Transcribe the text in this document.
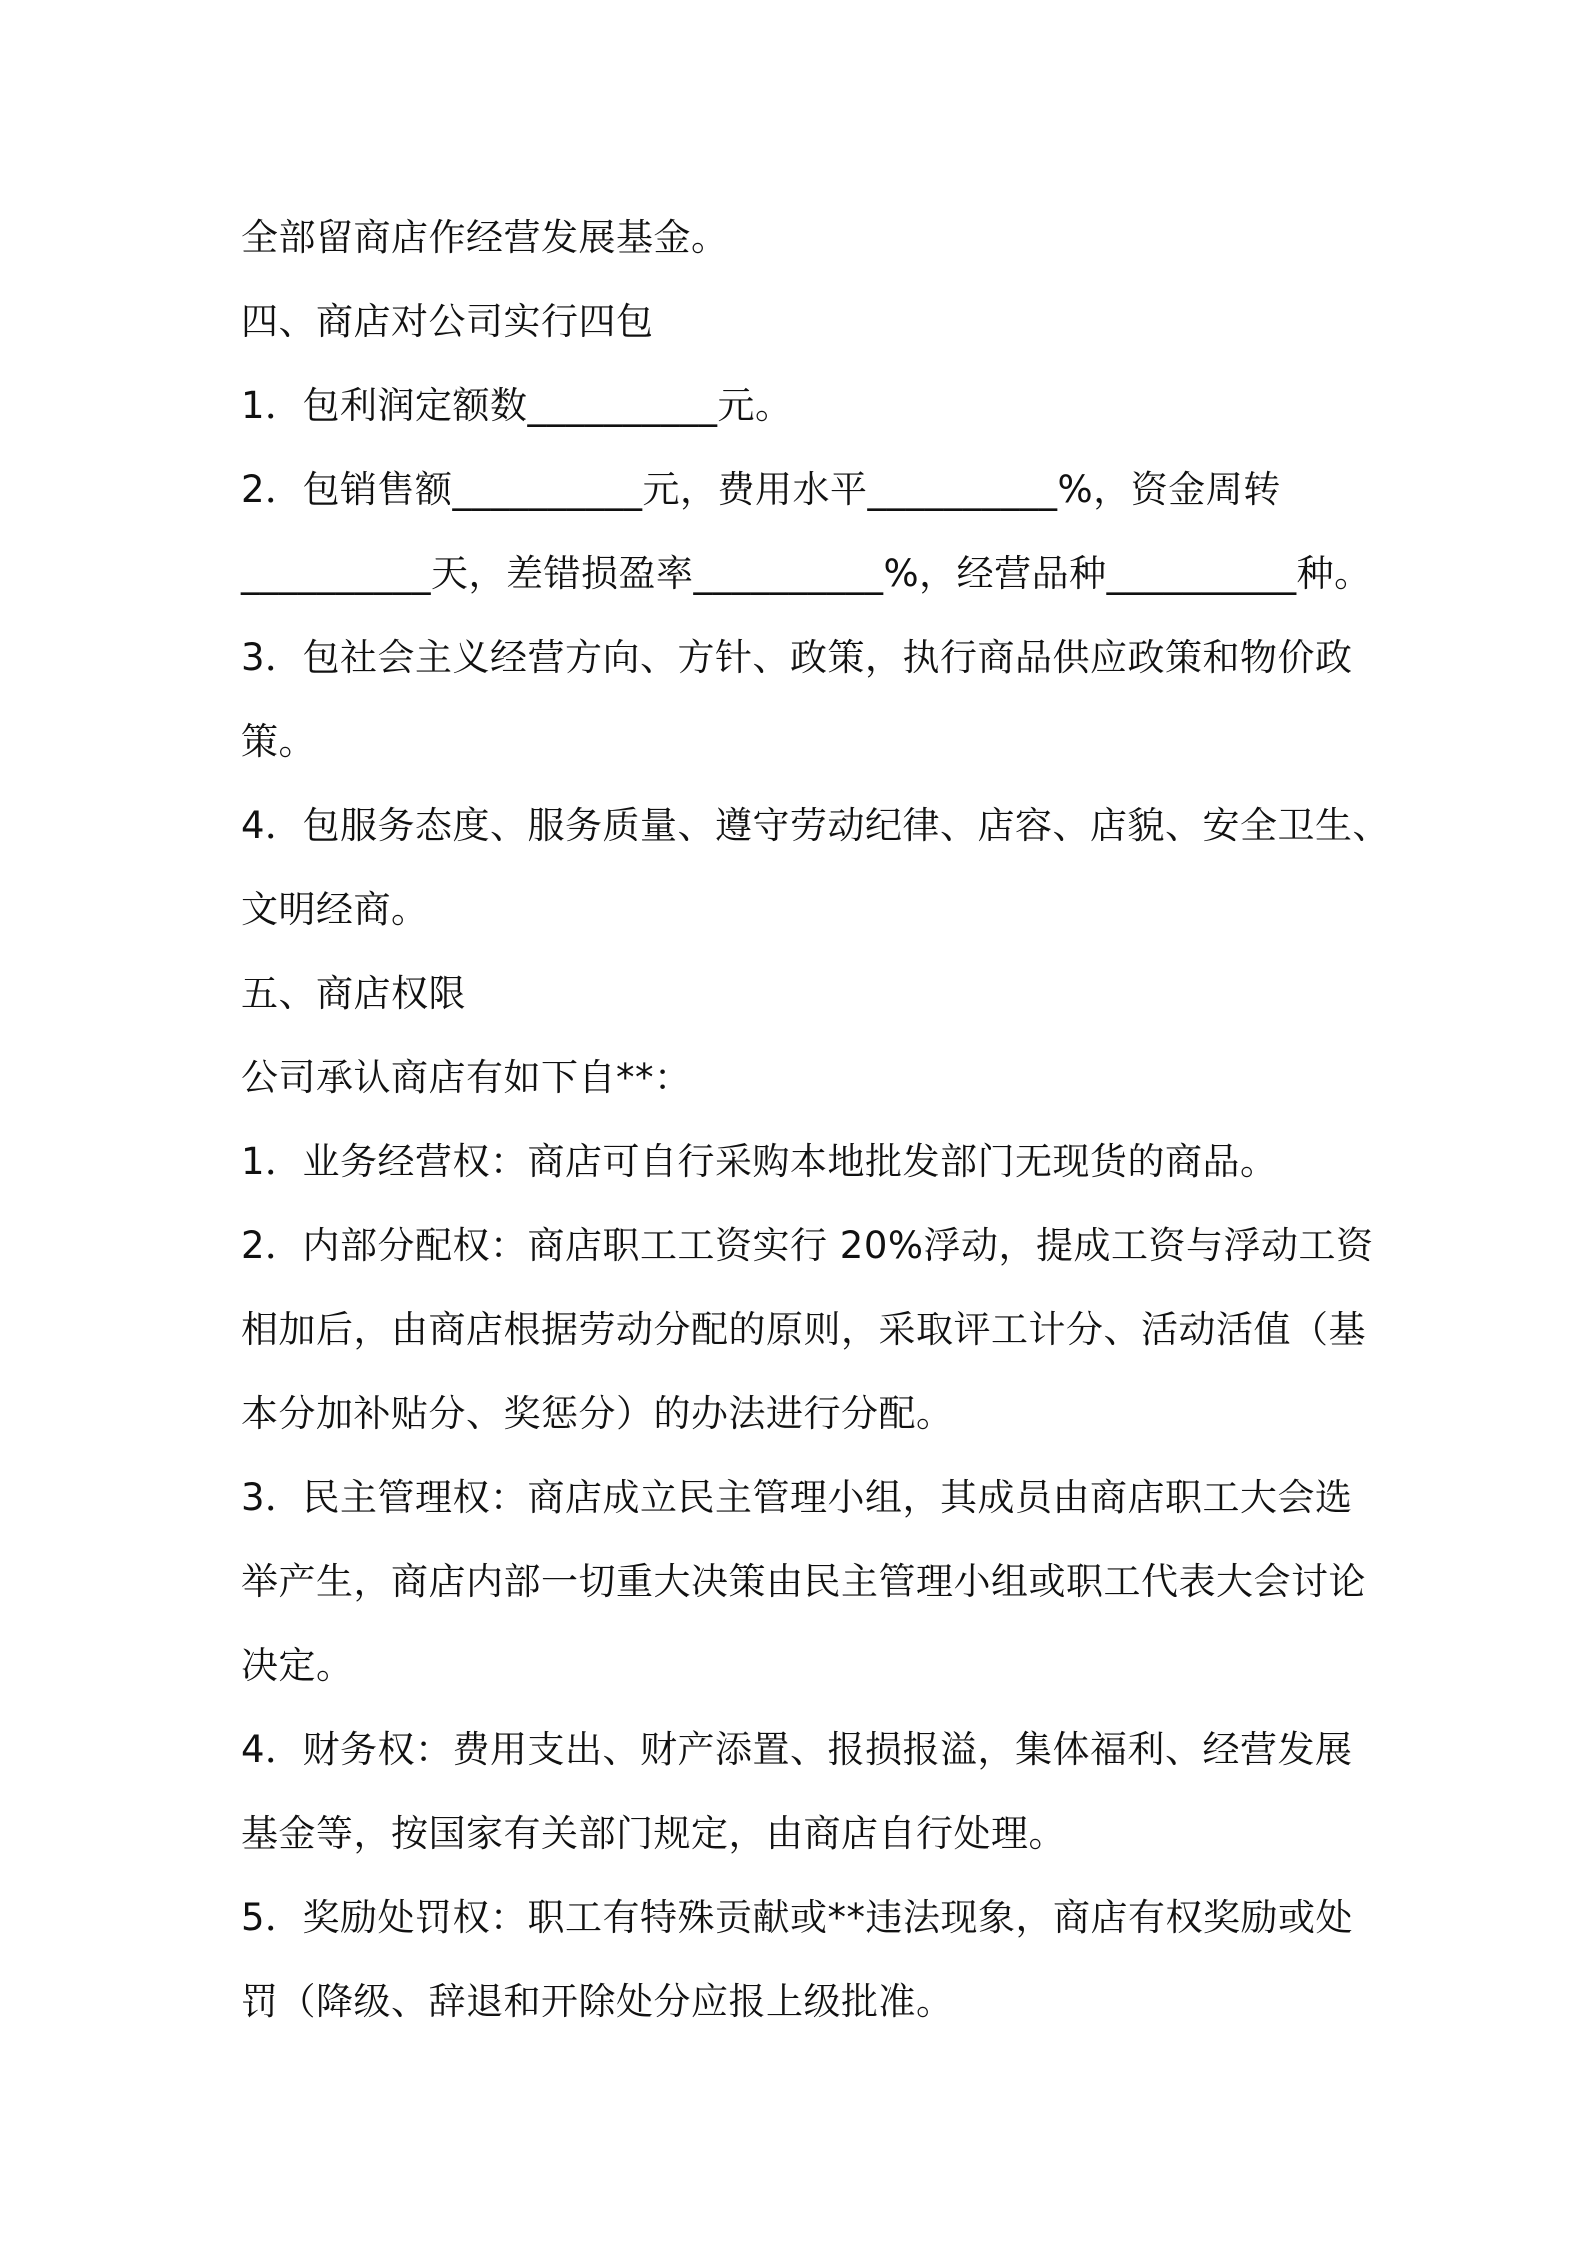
全部留商店作经营发展基金。
四、商店对公司实行四包
1．包利润定额数__________元。
2．包销售额__________元，费用水平__________%，资金周转
__________天，差错损盈率__________%，经营品种__________种。
3．包社会主义经营方向、方针、政策，执行商品供应政策和物价政
策。
4．包服务态度、服务质量、遵守劳动纪律、店容、店貌、安全卫生、
文明经商。
五、商店权限
公司承认商店有如下自**：
1．业务经营权：商店可自行采购本地批发部门无现货的商品。
2．内部分配权：商店职工工资实行 20%浮动，提成工资与浮动工资
相加后，由商店根据劳动分配的原则，采取评工计分、活动活值（基
本分加补贴分、奖惩分）的办法进行分配。
3．民主管理权：商店成立民主管理小组，其成员由商店职工大会选
举产生，商店内部一切重大决策由民主管理小组或职工代表大会讨论
决定。
4．财务权：费用支出、财产添置、报损报溢，集体福利、经营发展
基金等，按国家有关部门规定，由商店自行处理。
5．奖励处罚权：职工有特殊贡献或**违法现象，商店有权奖励或处
罚（降级、辞退和开除处分应报上级批准。
